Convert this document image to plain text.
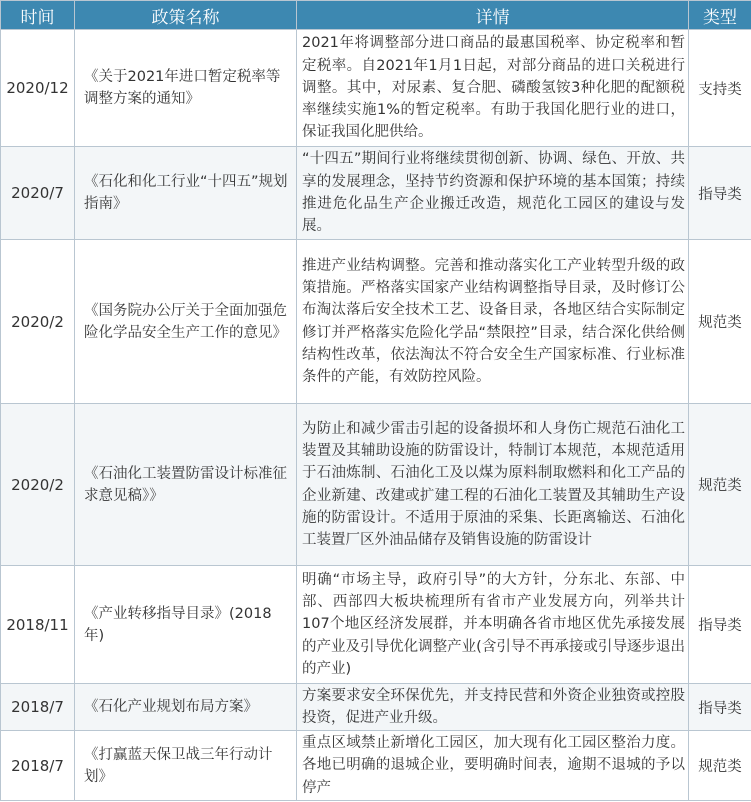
时间	政策名称	详情	类型
2020/12	《关于2021年进口暂定税率等调整方案的通知》	2021年将调整部分进口商品的最惠国税率、协定税率和暂定税率。自2021年1月1日起，对部分商品的进口关税进行调整。其中，对尿素、复合肥、磷酸氢铵3种化肥的配额税率继续实施1%的暂定税率。有助于我国化肥行业的进口，保证我国化肥供给。	支持类
2020/7	《石化和化工行业“十四五”规划指南》	“十四五”期间行业将继续贯彻创新、协调、绿色、开放、共享的发展理念，坚持节约资源和保护环境的基本国策；持续推进危化品生产企业搬迁改造，规范化工园区的建设与发展。	指导类
2020/2	《国务院办公厅关于全面加强危险化学品安全生产工作的意见》	推进产业结构调整。完善和推动落实化工产业转型升级的政策措施。严格落实国家产业结构调整指导目录，及时修订公布淘汰落后安全技术工艺、设备目录，各地区结合实际制定修订并严格落实危险化学品“禁限控”目录，结合深化供给侧结构性改革，依法淘汰不符合安全生产国家标准、行业标准条件的产能，有效防控风险。	规范类
2020/2	《石油化工装置防雷设计标准征求意见稿》》	为防止和减少雷击引起的设备损坏和人身伤亡规范石油化工装置及其辅助设施的防雷设计，特制订本规范，本规范适用于石油炼制、石油化工及以煤为原料制取燃料和化工产品的企业新建、改建或扩建工程的石油化工装置及其辅助生产设施的防雷设计。不适用于原油的采集、长距离输送、石油化工装置厂区外油品储存及销售设施的防雷设计	规范类
2018/11	《产业转移指导目录》(2018年)	明确“市场主导，政府引导”的大方针，分东北、东部、中部、西部四大板块梳理所有省市产业发展方向，列举共计107个地区经济发展群，并本明确各省市地区优先承接发展的产业及引导优化调整产业(含引导不再承接或引导逐步退出的产业)	指导类
2018/7	《石化产业规划布局方案》	方案要求安全环保优先，并支持民营和外资企业独资或控股投资，促进产业升级。	指导类
2018/7	《打赢蓝天保卫战三年行动计划》	重点区域禁止新增化工园区，加大现有化工园区整治力度。各地已明确的退城企业，要明确时间表，逾期不退城的予以停产	规范类
